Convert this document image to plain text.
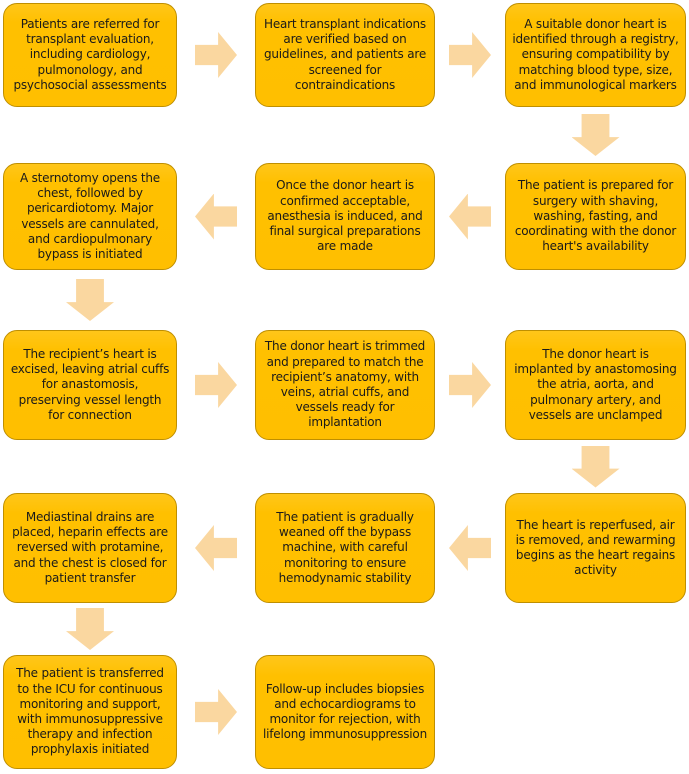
Patients are referred for transplant evaluation, including cardiology, pulmonology, and psychosocial assessments
Heart transplant indications are verified based on guidelines, and patients are screened for contraindications
A suitable donor heart is identified through a registry, ensuring compatibility by matching blood type, size, and immunological markers
The patient is prepared for surgery with shaving, washing, fasting, and coordinating with the donor heart's availability
Once the donor heart is confirmed acceptable, anesthesia is induced, and final surgical preparations are made
A sternotomy opens the chest, followed by pericardiotomy. Major vessels are cannulated, and cardiopulmonary bypass is initiated
The recipient’s heart is excised, leaving atrial cuffs for anastomosis, preserving vessel length for connection
The donor heart is trimmed and prepared to match the recipient’s anatomy, with veins, atrial cuffs, and vessels ready for implantation
The donor heart is implanted by anastomosing the atria, aorta, and pulmonary artery, and vessels are unclamped
The heart is reperfused, air is removed, and rewarming begins as the heart regains activity
The patient is gradually weaned off the bypass machine, with careful monitoring to ensure hemodynamic stability
Mediastinal drains are placed, heparin effects are reversed with protamine, and the chest is closed for patient transfer
The patient is transferred to the ICU for continuous monitoring and support, with immunosuppressive therapy and infection prophylaxis initiated
Follow-up includes biopsies and echocardiograms to monitor for rejection, with lifelong immunosuppression
